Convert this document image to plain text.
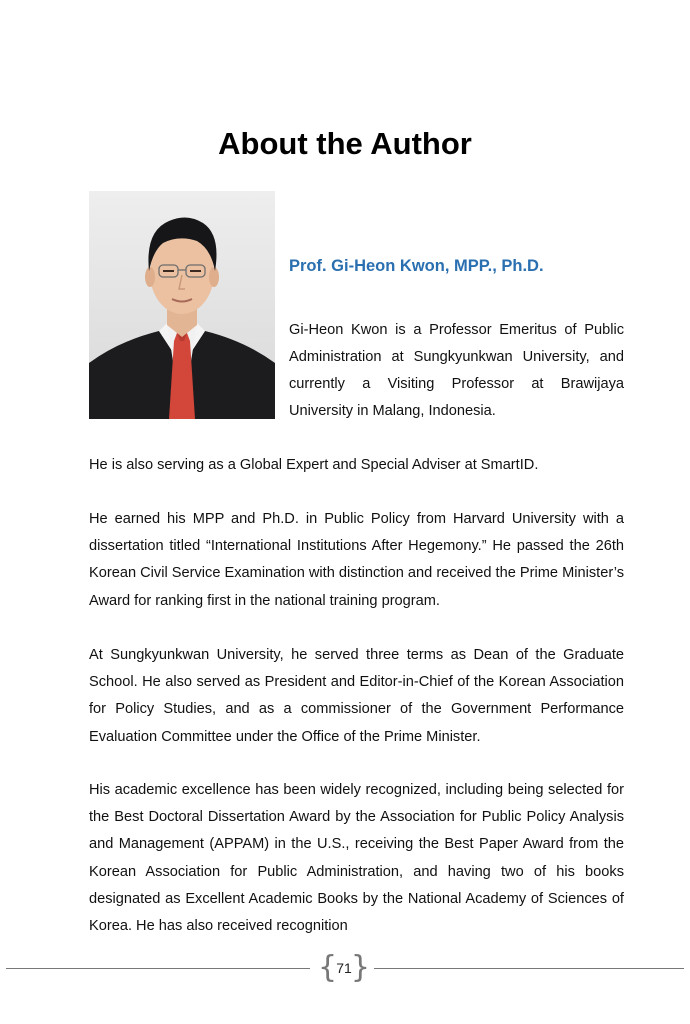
About the Author
Prof. Gi-Heon Kwon, MPP., Ph.D.

Gi-Heon Kwon is a Professor Emeritus of Public Administration at Sungkyunkwan University, and currently a Visiting Professor at Brawijaya University in Malang, Indonesia.

He is also serving as a Global Expert and Special Adviser at SmartID.

He earned his MPP and Ph.D. in Public Policy from Harvard University with a dissertation titled “International Institutions After Hegemony.” He passed the 26th Korean Civil Service Examination with distinction and received the Prime Minister’s Award for ranking first in the national training program.

At Sungkyunkwan University, he served three terms as Dean of the Graduate School. He also served as President and Editor-in-Chief of the Korean Association for Policy Studies, and as a commissioner of the Government Performance Evaluation Committee under the Office of the Prime Minister.

His academic excellence has been widely recognized, including being selected for the Best Doctoral Dissertation Award by the Association for Public Policy Analysis and Management (APPAM) in the U.S., receiving the Best Paper Award from the Korean Association for Public Administration, and having two of his books designated as Excellent Academic Books by the National Academy of Sciences of Korea. He has also received recognition

{ 71 }
